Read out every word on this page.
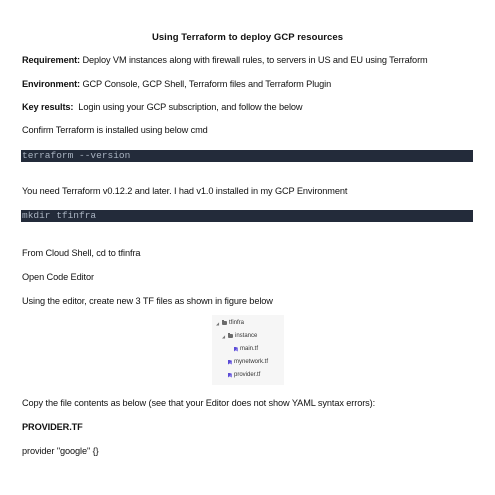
Using Terraform to deploy GCP resources
Requirement: Deploy VM instances along with firewall rules, to servers in US and EU using Terraform
Environment: GCP Console, GCP Shell, Terraform files and Terraform Plugin
Key results:  Login using your GCP subscription, and follow the below
Confirm Terraform is installed using below cmd
terraform --version
You need Terraform v0.12.2 and later. I had v1.0 installed in my GCP Environment
mkdir tfinfra
From Cloud Shell, cd to tfinfra
Open Code Editor
Using the editor, create new 3 TF files as shown in figure below
◢	tfinfra
◢	instance
main.tf
mynetwork.tf
provider.tf
Copy the file contents as below (see that your Editor does not show YAML syntax errors):
PROVIDER.TF
provider "google" {}
